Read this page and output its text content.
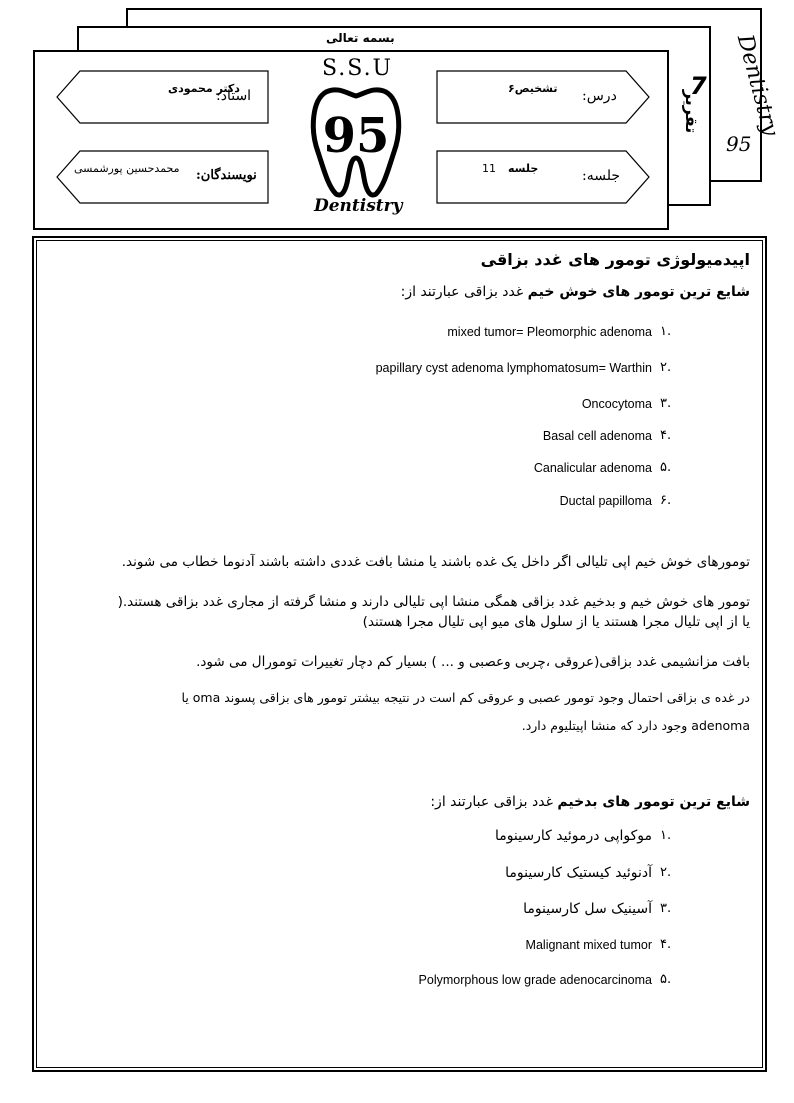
بسمه تعالی	Dentistry
95
7
تقریر
دکتر محمودی
استاد:
محمدحسین پورشمسی نویسندگان:
تشخیص۶ درس:
11 جلسه	جلسه:
S.S.U
95
Dentistry
اپیدمیولوژی تومور های غدد بزاقی
شایع ترین تومور های خوش خیم غدد بزاقی عبارتند از:
۱.
mixed tumor= Pleomorphic adenoma
۲.
papillary cyst adenoma lymphomatosum= Warthin
۳.
Oncocytoma
۴.
Basal cell adenoma
۵.
Canalicular adenoma
۶.
Ductal papilloma
تومورهای خوش خیم اپی تلیالی اگر داخل یک غده باشند یا منشا بافت غددی داشته باشند آدنوما خطاب می شوند.
تومور های خوش خیم و بدخیم غدد بزاقی همگی منشا اپی تلیالی دارند و منشا گرفته از مجاری غدد بزاقی هستند.(
یا از اپی تلیال مجرا هستند یا از سلول های میو اپی تلیال مجرا هستند)
بافت مزانشیمی غدد بزاقی(عروقی ،چربی وعصبی و ... ) بسیار کم دچار تغییرات تومورال می شود.
در غده ی بزاقی احتمال وجود تومور عصبی و عروقی کم است در نتیجه بیشتر تومور های بزاقی پسوند oma یا
adenoma وجود دارد که منشا اپیتلیوم دارد.
شایع ترین تومور های بدخیم غدد بزاقی عبارتند از:
۱.
موکواپی درموئید کارسینوما
۲.
آدنوئید کیستیک کارسینوما
۳.
آسینیک سل کارسینوما
۴.
Malignant mixed tumor
۵.
Polymorphous low grade adenocarcinoma
